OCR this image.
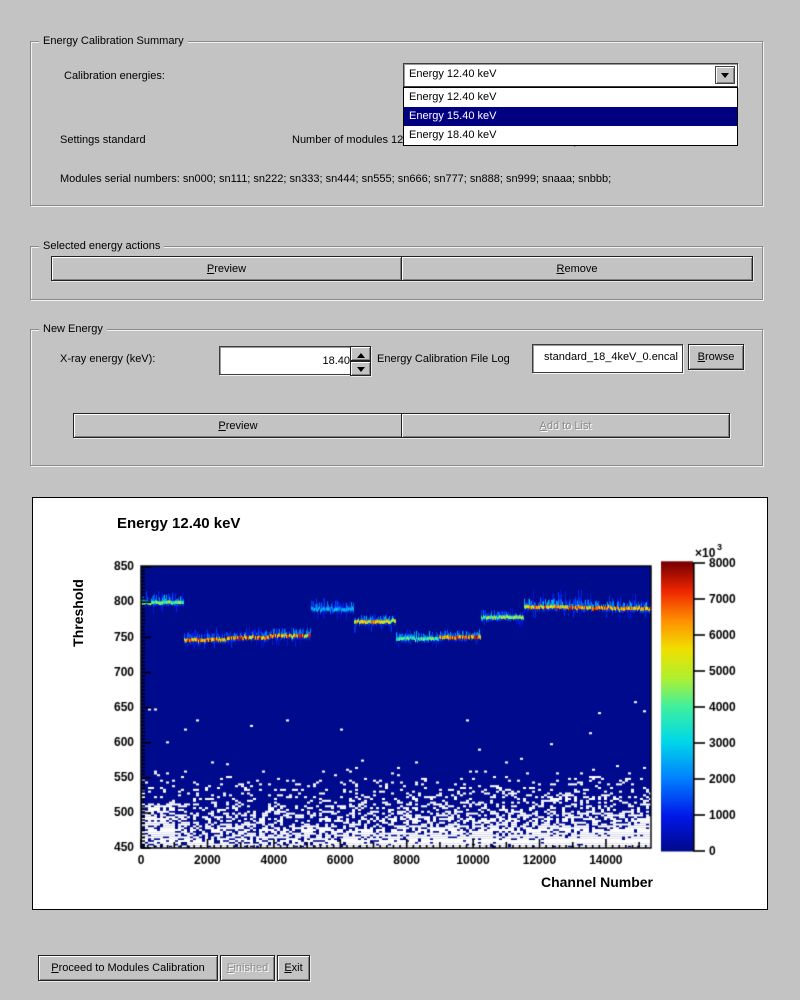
Energy Calibration Summary
Calibration energies:
Settings standard	Number of modules 12
Modules serial numbers: sn000; sn111; sn222; sn333; sn444; sn555; sn666; sn777; sn888; sn999; snaaa; snbbb;
Energy 12.40 keV
Energy 12.40 keV
Energy 15.40 keV
Energy 18.40 keV
Selected energy actions
P review	R emove
New Energy
X-ray energy (keV):
18.40	Energy Calibration File Log	standard_18_4keV_0.encal B rowse
P review	A dd to List
Energy 12.40 keV
Threshold
Channel Number
P roceed to Modules Calibration	F inished	E xit
